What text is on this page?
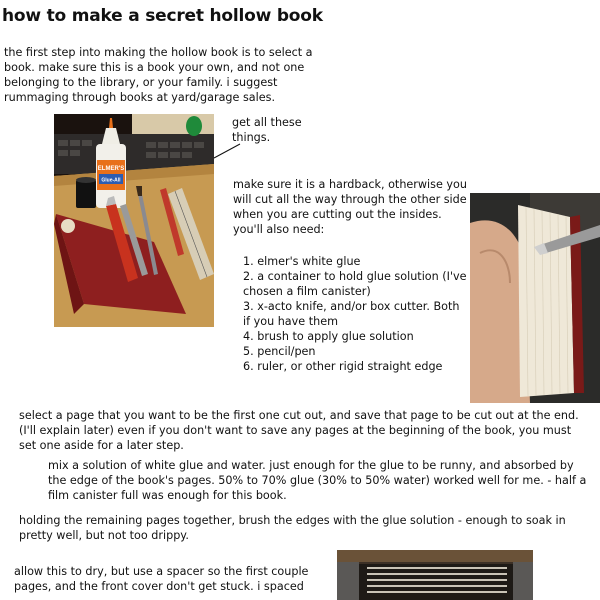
how to make a secret hollow book
the first step into making the hollow book is to select a book. make sure this is a book your own, and not one belonging to the library, or your family. i suggest rummaging through books at yard/garage sales.
ELMER'S
Glue-All
get all these things.
make sure it is a hardback, otherwise you will cut all the way through the other side when you are cutting out the insides. you'll also need:
1. elmer's white glue
2. a container to hold glue solution (I've chosen a film canister)
3. x-acto knife, and/or box cutter. Both if you have them
4. brush to apply glue solution
5. pencil/pen
6. ruler, or other rigid straight edge
select a page that you want to be the first one cut out, and save that page to be cut out at the end. (I'll explain later) even if you don't want to save any pages at the beginning of the book, you must set one aside for a later step.
mix a solution of white glue and water. just enough for the glue to be runny, and absorbed by the edge of the book's pages. 50% to 70% glue (30% to 50% water) worked well for me. - half a film canister full was enough for this book.
holding the remaining pages together, brush the edges with the glue solution - enough to soak in pretty well, but not too drippy.
allow this to dry, but use a spacer so the first couple pages, and the front cover don't get stuck. i spaced
